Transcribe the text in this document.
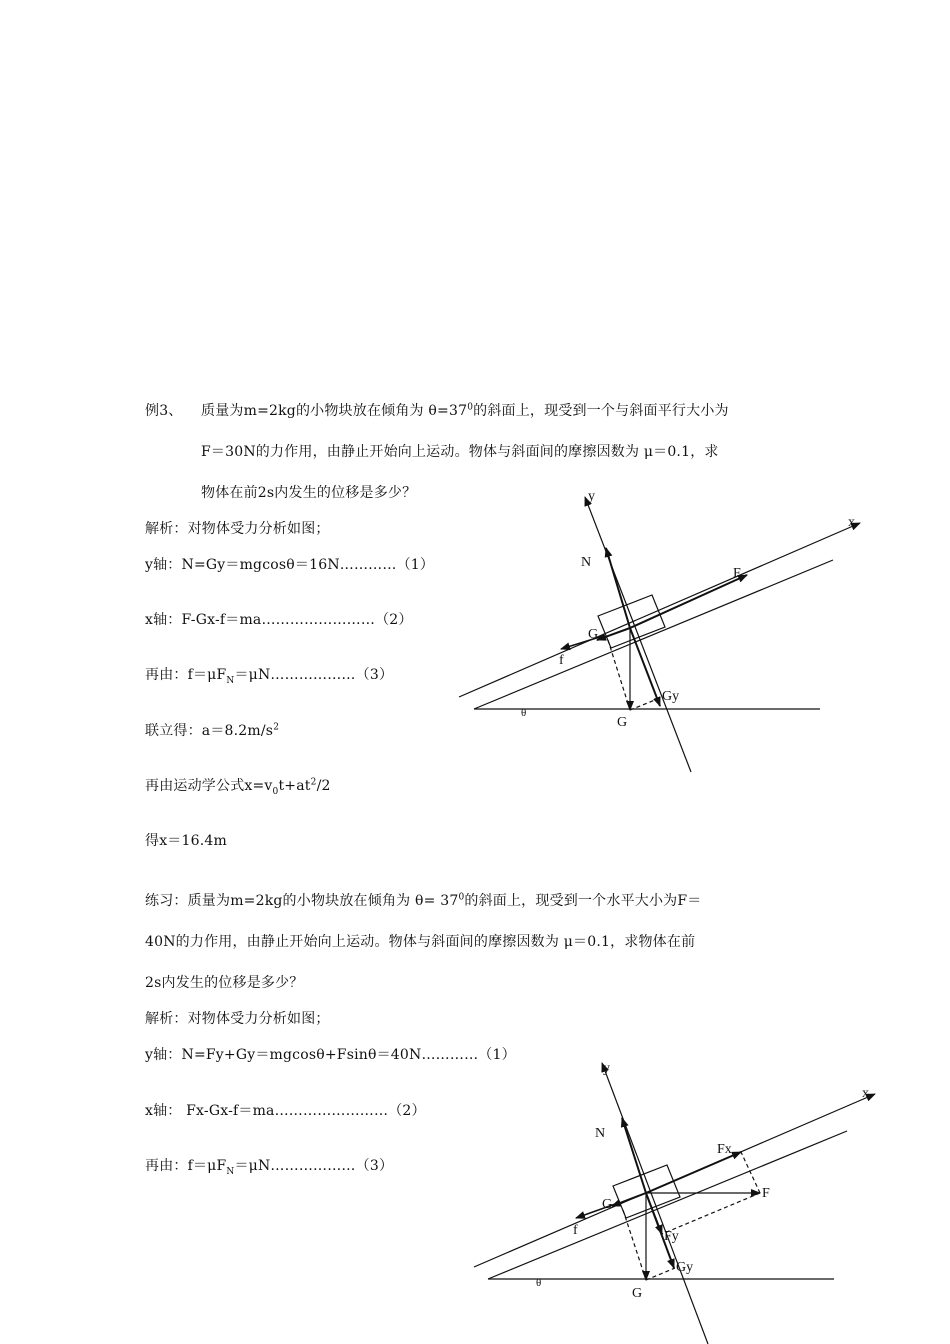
例3、 质量为m=2kg的小物块放在倾角为 $\theta=37^0$的斜面上，现受到一个与斜面平行大小为
F＝30N的力作用，由静止开始向上运动。物体与斜面间的摩擦因数为 μ＝0.1，求
物体在前2s内发生的位移是多少？
解析：对物体受力分析如图；
y轴：N=Gy＝mgcosθ＝16N…………（1）
x轴：F-Gx-f＝ma……………………（2）
再由：$f=\mu F_N=\mu N\dots\dots\dots\dots\dots\dots(3)$
联立得：$a=8.2m/s^2$
再由运动学公式$x=v_0t+at^2/2$
得x＝16.4m
练习：质量为m=2kg的小物块放在倾角为 $\theta= 37^0$的斜面上，现受到一个水平大小为F＝
40N的力作用，由静止开始向上运动。物体与斜面间的摩擦因数为 μ＝0.1，求物体在前
2s内发生的位移是多少？
解析：对物体受力分析如图；
y轴：N=Fy+Gy＝mgcosθ+Fsinθ＝40N…………（1）
x轴： Fx-Gx-f＝ma……………………（2）
再由：$f=\mu F_N=\mu N\dots\dots\dots\dots\dots\dots(3)$
y
x
N
F
G
f
Gy
G
θ
y
x
N
Fx
F
G
f	Fy
Gy
G
θ
